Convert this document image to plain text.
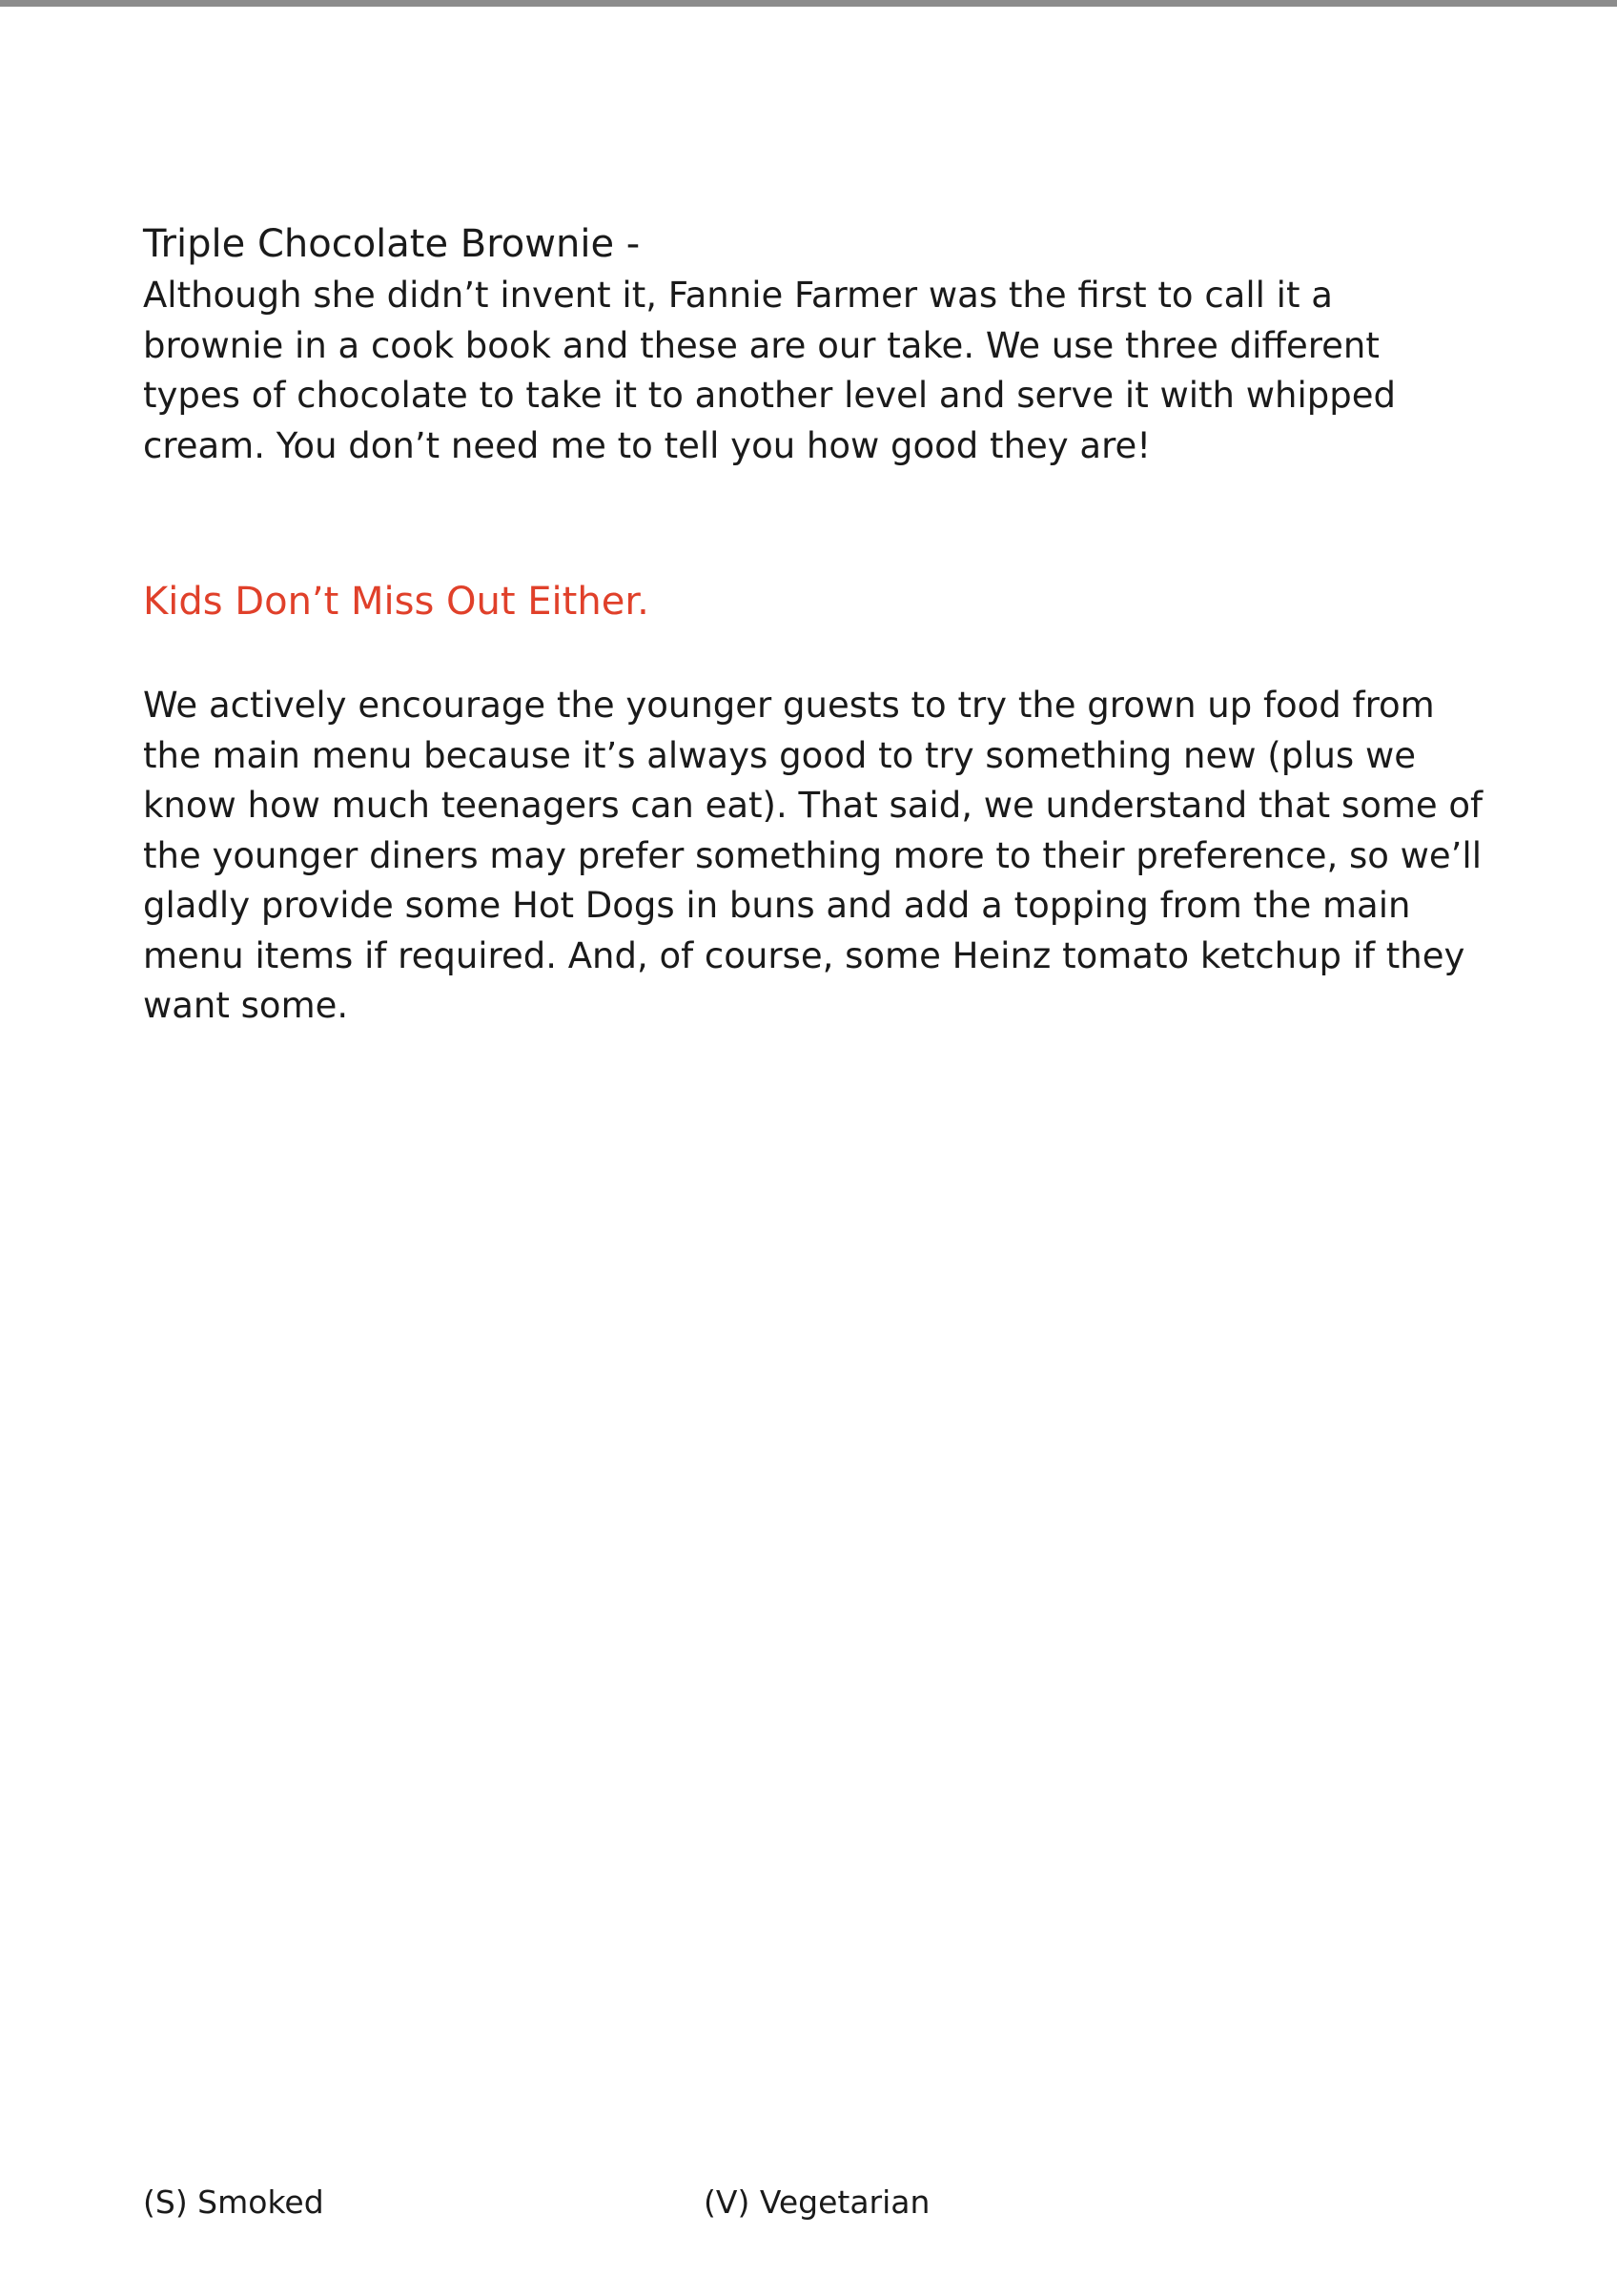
Triple Chocolate Brownie -

Although she didn’t invent it, Fannie Farmer was the first to call it a brownie in a cook book and these are our take. We use three different types of chocolate to take it to another level and serve it with whipped cream. You don’t need me to tell you how good they are!

Kids Don’t Miss Out Either.

We actively encourage the younger guests to try the grown up food from the main menu because it’s always good to try something new (plus we know how much teenagers can eat). That said, we understand that some of the younger diners may prefer something more to their preference, so we’ll gladly provide some Hot Dogs in buns and add a topping from the main menu items if required. And, of course, some Heinz tomato ketchup if they want some.

(S) Smoked	(V) Vegetarian
